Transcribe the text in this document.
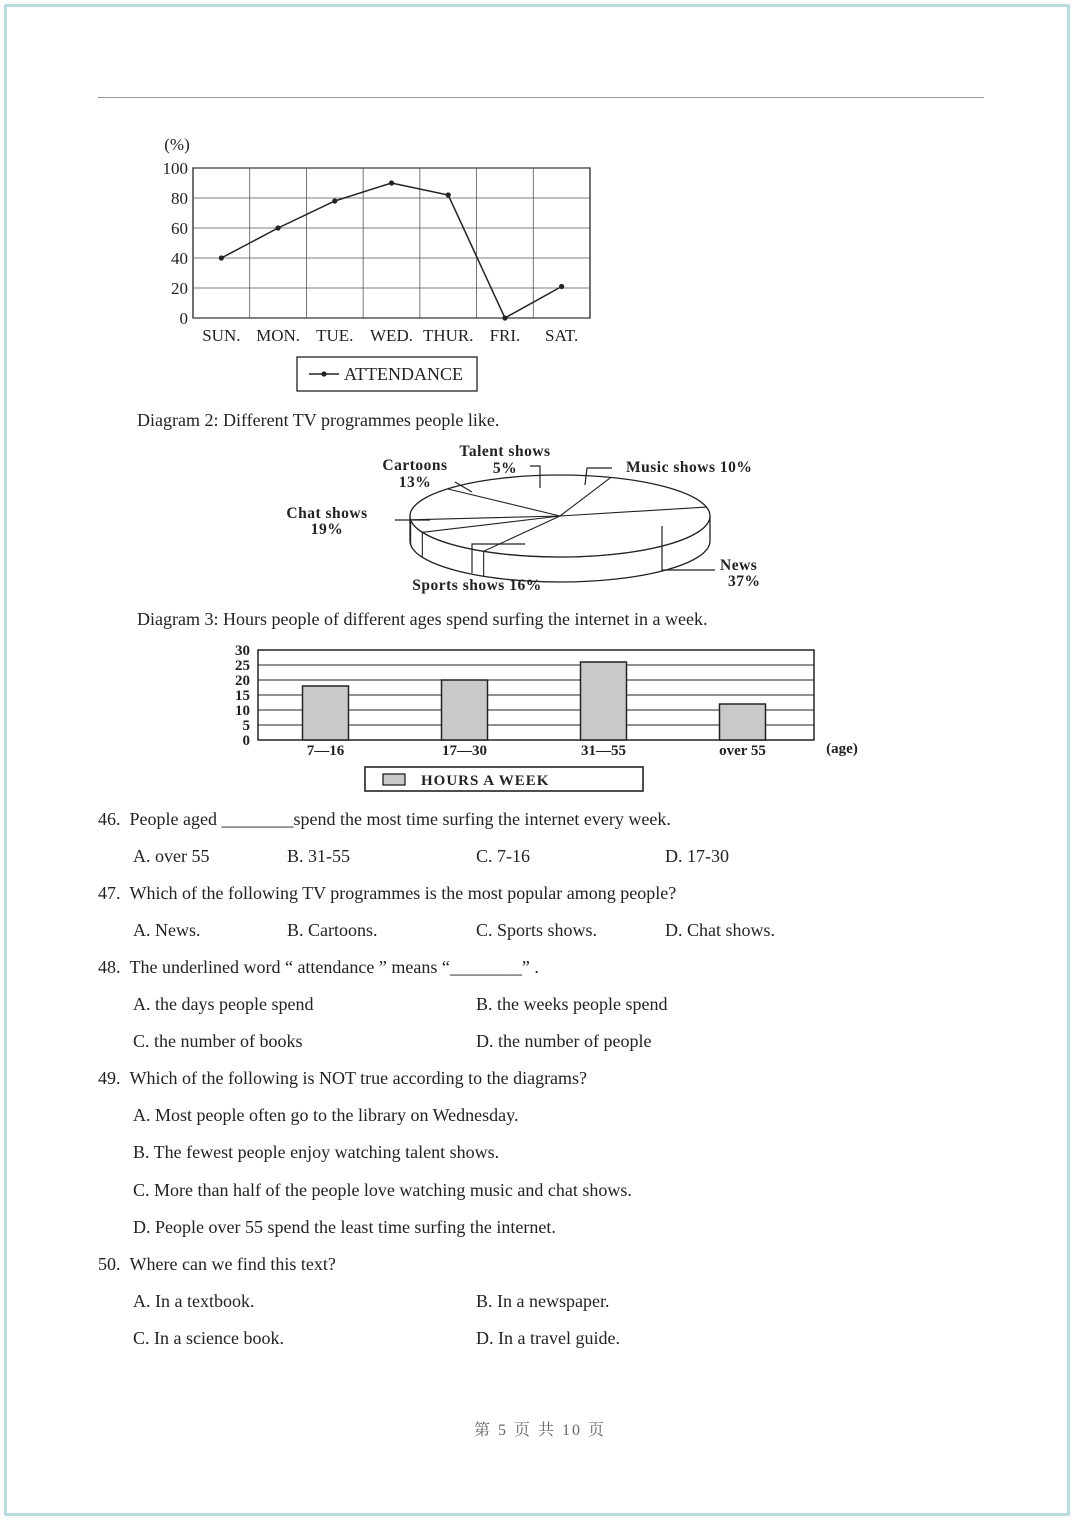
0
20
40
60
80
100
(%)
SUN. MON. TUE. WED. THUR. FRI. SAT.
ATTENDANCE
Diagram 2: Different TV programmes people like.
News
37%
Music shows 10%
Talent shows
5%
Cartoons
13%
Chat shows
19%
Sports shows 16%
Diagram 3: Hours people of different ages spend surfing the internet in a week.
0
5
10
15
20
25
30
7—16	17—30	31—55	over 55	(age)
HOURS A WEEK
46. People aged ________spend the most time surfing the internet every week.
A. over 55	B. 31-55	C. 7-16	D. 17-30
47. Which of the following TV programmes is the most popular among people?
A. News.	B. Cartoons.	C. Sports shows.	D. Chat shows.
48. The underlined word “ attendance ” means “________” .
A. the days people spend	B. the weeks people spend
C. the number of books	D. the number of people
49. Which of the following is NOT true according to the diagrams?
A. Most people often go to the library on Wednesday.
B. The fewest people enjoy watching talent shows.
C. More than half of the people love watching music and chat shows.
D. People over 55 spend the least time surfing the internet.
50. Where can we find this text?
A. In a textbook.	B. In a newspaper.
C. In a science book.	D. In a travel guide.
第 5 页 共 10 页
